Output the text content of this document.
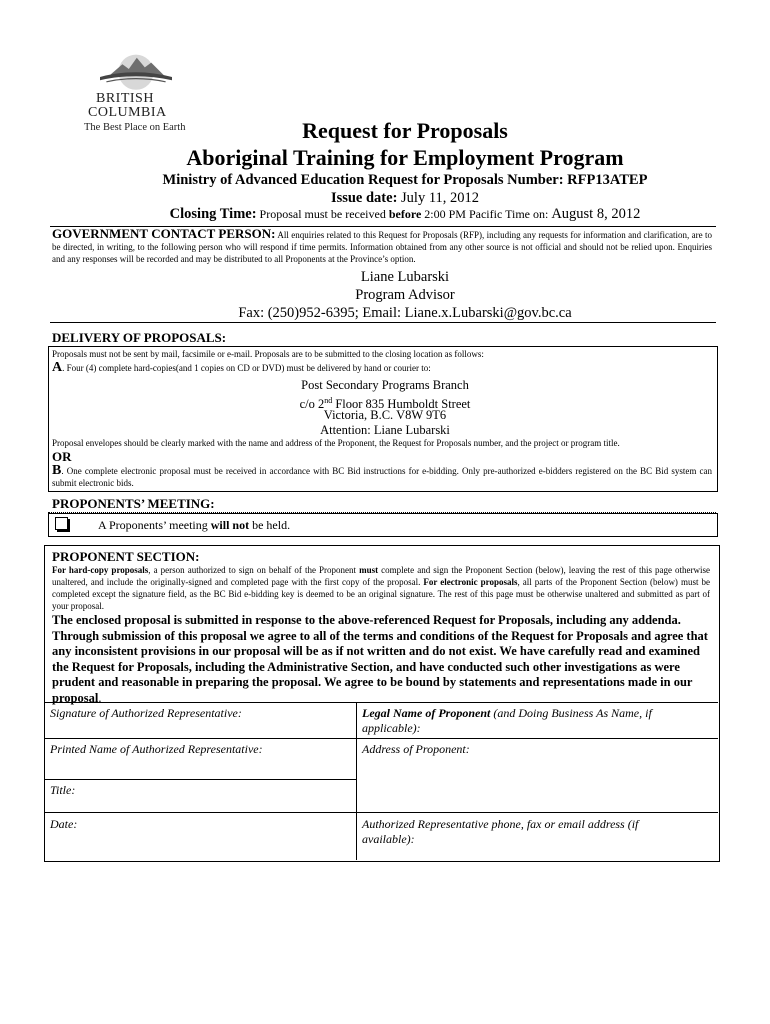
BRITISH
COLUMBIA
The Best Place on Earth	Request for Proposals
Aboriginal Training for Employment Program
Ministry of Advanced Education Request for Proposals Number: RFP13ATEP
Issue date: July 11, 2012
Closing Time: Proposal must be received before 2:00 PM Pacific Time on: August 8, 2012
GOVERNMENT CONTACT PERSON: All enquiries related to this Request for Proposals (RFP), including any requests for information and clarification, are to be directed, in writing, to the following person who will respond if time permits. Information obtained from any other source is not official and should not be relied upon. Enquiries and any responses will be recorded and may be distributed to all Proponents at the Province’s option.
Liane Lubarski
Program Advisor
Fax: (250)952-6395; Email: Liane.x.Lubarski@gov.bc.ca
DELIVERY OF PROPOSALS:
Proposals must not be sent by mail, facsimile or e-mail. Proposals are to be submitted to the closing location as follows:
A. Four (4) complete hard-copies(and 1 copies on CD or DVD) must be delivered by hand or courier to:
Post Secondary Programs Branch
c/o 2nd Floor 835 Humboldt Street
Victoria, B.C. V8W 9T6
Attention: Liane Lubarski
Proposal envelopes should be clearly marked with the name and address of the Proponent, the Request for Proposals number, and the project or program title.
OR
B. One complete electronic proposal must be received in accordance with BC Bid instructions for e-bidding. Only pre-authorized e-bidders registered on the BC Bid system can submit electronic bids.
PROPONENTS’ MEETING:
A Proponents’ meeting will not be held.
PROPONENT SECTION:
For hard-copy proposals, a person authorized to sign on behalf of the Proponent must complete and sign the Proponent Section (below), leaving the rest of this page otherwise unaltered, and include the originally-signed and completed page with the first copy of the proposal. For electronic proposals, all parts of the Proponent Section (below) must be completed except the signature field, as the BC Bid e-bidding key is deemed to be an original signature. The rest of this page must be otherwise unaltered and submitted as part of your proposal.
The enclosed proposal is submitted in response to the above-referenced Request for Proposals, including any addenda. Through submission of this proposal we agree to all of the terms and conditions of the Request for Proposals and agree that any inconsistent provisions in our proposal will be as if not written and do not exist. We have carefully read and examined the Request for Proposals, including the Administrative Section, and have conducted such other investigations as were prudent and reasonable in preparing the proposal. We agree to be bound by statements and representations made in our proposal.
Signature of Authorized Representative:	Legal Name of Proponent (and Doing Business As Name, if applicable):
Printed Name of Authorized Representative:	Address of Proponent:
Title:
Date:	Authorized Representative phone, fax or email address (if available):
